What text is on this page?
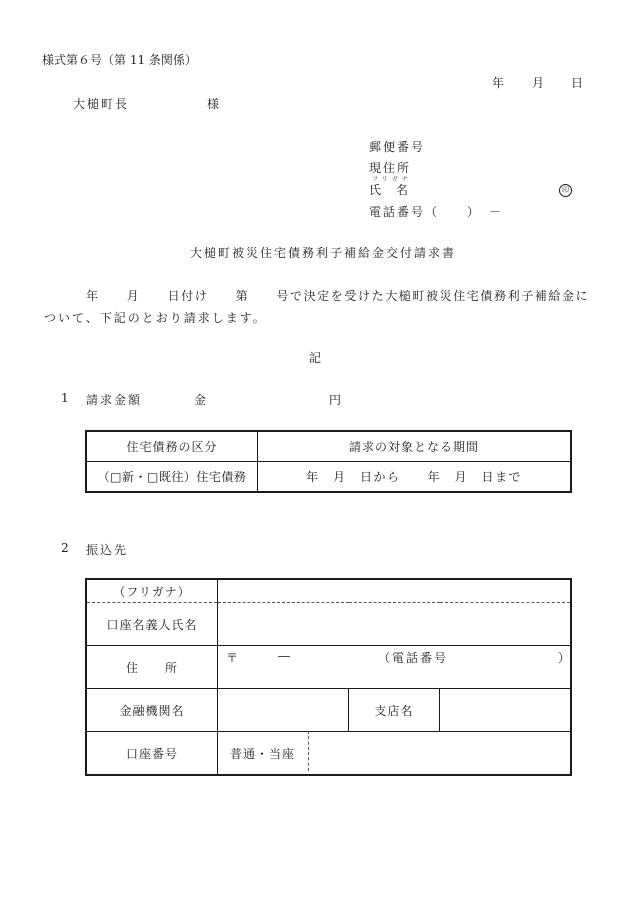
様式第６号（第 11 条関係）
年 月 日
大槌町長	様
郵便番号
現住所
フリガナ
氏 名	印
電話番号（　　）　－
大槌町被災住宅債務利子補給金交付請求書
年　　月　　日付け　　第　　号で決定を受けた大槌町被災住宅債務利子補給金に
ついて、下記のとおり請求します。
記
1 請求金額	金	円
住宅債務の区分	請求の対象となる期間
（□新・□既往）住宅債務	年　月　日から　　年　月　日まで
2 振込先
（フリガナ）			
口座名義人氏名			
住　　所	〒 ― （電話番号 ）		

金融機関名		支店名	
口座番号	普通・当座		
